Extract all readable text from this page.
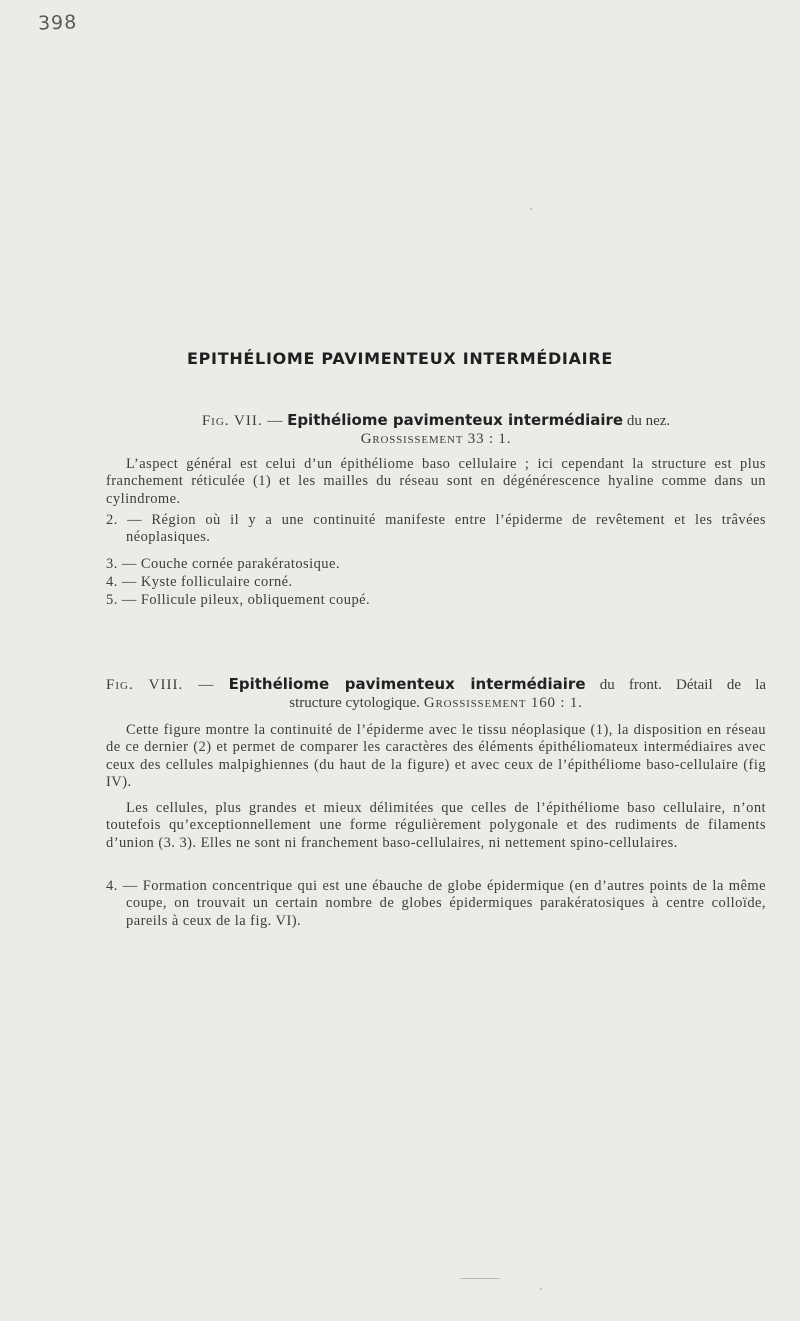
398
EPITHÉLIOME PAVIMENTEUX INTERMÉDIAIRE
Fig. VII. — Epithéliome pavimenteux intermédiaire du nez.
Grossissement 33 : 1.

L’aspect général est celui d’un épithéliome baso cellulaire ; ici cependant la structure est plus franchement réticulée (1) et les mailles du réseau sont en dégénérescence hyaline comme dans un cylindrome.

2. — Région où il y a une continuité manifeste entre l’épiderme de revêtement et les trâvées néoplasiques.

3. — Couche cornée parakératosique.

4. — Kyste folliculaire corné.

5. — Follicule pileux, obliquement coupé.

Fig. VIII. — Epithéliome pavimenteux intermédiaire du front. Détail de la
structure cytologique. Grossissement 160 : 1.

Cette figure montre la continuité de l’épiderme avec le tissu néoplasique (1), la disposition en réseau de ce dernier (2) et permet de comparer les caractères des éléments épithéliomateux intermédiaires avec ceux des cellules malpighiennes (du haut de la figure) et avec ceux de l’épithéliome baso-cellulaire (fig IV).

Les cellules, plus grandes et mieux délimitées que celles de l’épithéliome baso cellulaire, n’ont toutefois qu’exceptionnellement une forme régulièrement polygonale et des rudiments de filaments d’union (3. 3). Elles ne sont ni franchement baso-cellulaires, ni nettement spino-cellulaires.

4. — Formation concentrique qui est une ébauche de globe épidermique (en d’autres points de la même coupe, on trouvait un certain nombre de globes épidermiques parakératosiques à centre colloïde, pareils à ceux de la fig. VI).
